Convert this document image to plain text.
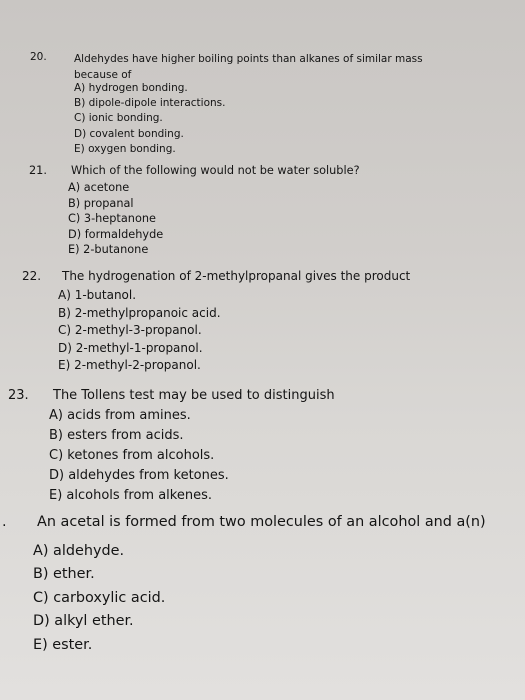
20.	Aldehydes have higher boiling points than alkanes of similar mass
because of
A) hydrogen bonding.
B) dipole-dipole interactions.
C) ionic bonding.
D) covalent bonding.
E) oxygen bonding.
21. Which of the following would not be water soluble?
A) acetone
B) propanal
C) 3-heptanone
D) formaldehyde
E) 2-butanone
22. The hydrogenation of 2-methylpropanal gives the product
A) 1-butanol.
B) 2-methylpropanoic acid.
C) 2-methyl-3-propanol.
D) 2-methyl-1-propanol.
E) 2-methyl-2-propanol.
23. The Tollens test may be used to distinguish
A) acids from amines.
B) esters from acids.
C) ketones from alcohols.
D) aldehydes from ketones.
E) alcohols from alkenes.
. An acetal is formed from two molecules of an alcohol and a(n)
A) aldehyde.
B) ether.
C) carboxylic acid.
D) alkyl ether.
E) ester.
